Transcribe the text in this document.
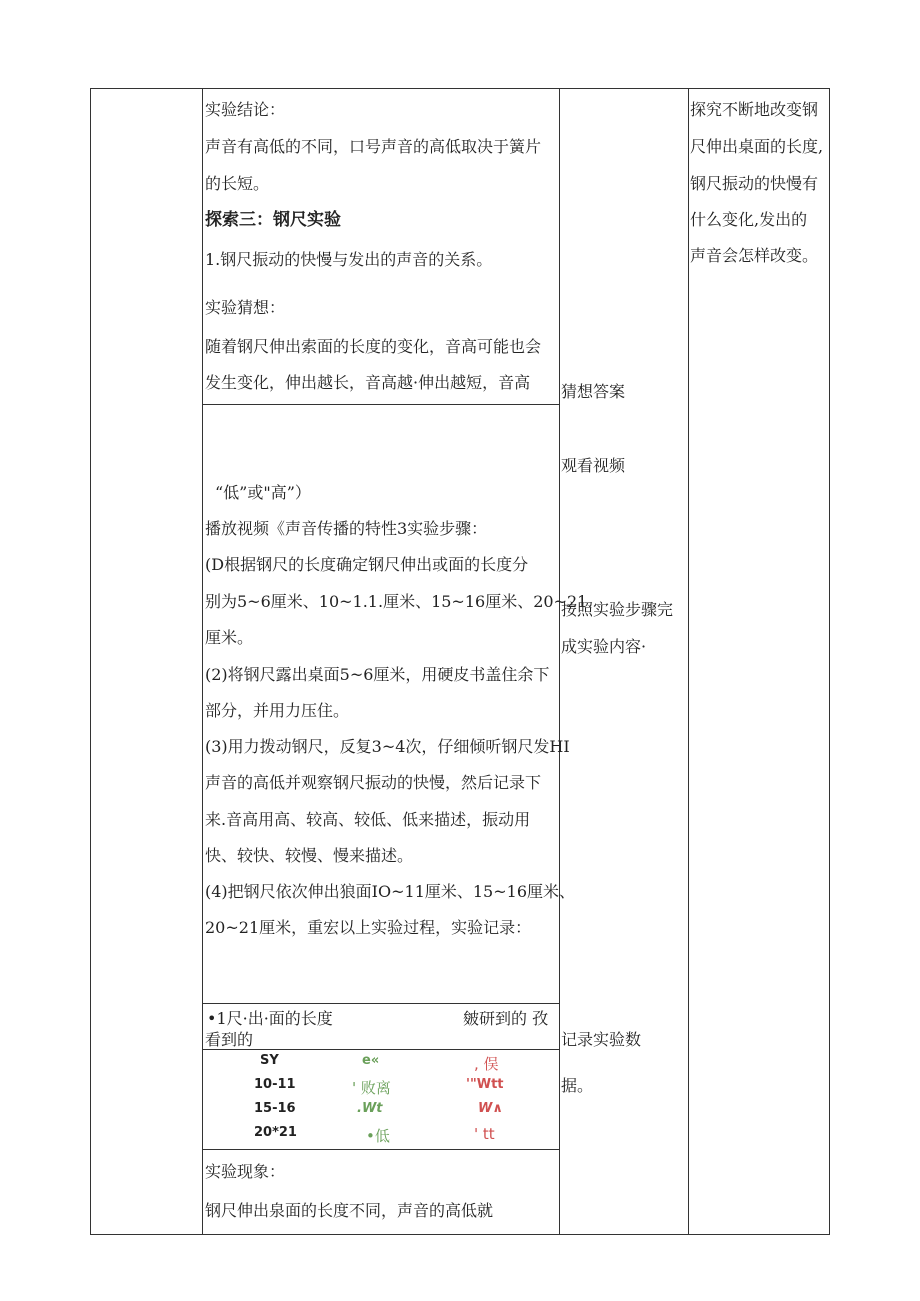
实验结论：
声音有高低的不同，口号声音的高低取决于簧片
的长短。
探索三：钢尺实验
1.钢尺振动的快慢与发出的声音的关系。
实验猜想：
随着钢尺伸出索面的长度的变化，音高可能也会
发生变化，伸出越长，音高越·伸出越短，音高
“低”或"高”）
播放视频《声音传播的特性3实验步骤：
(D根据钢尺的长度确定钢尺伸出或面的长度分
别为5~6厘米、10~1.1.厘米、15~16厘米、20~21
厘米。
(2)将钢尺露出桌面5~6厘米，用硬皮书盖住余下
部分，并用力压住。
(3)用力拨动钢尺，反复3~4次，仔细倾听钢尺发HI
声音的高低并观察钢尺振动的快慢，然后记录下
来.音高用高、较高、较低、低来描述，振动用
快、较快、较慢、慢来描述。
(4)把钢尺依次伸出狼面IO~11厘米、15~16厘米、
20~21厘米，重宏以上实验过程，实验记录：
•1尺·出·面的长度	皴研到的 孜
看到的
SY	e«	, 俣
10-11	' 败离	'"Wtt
15-16	.Wt	W∧
20*21	•低	' tt
实验现象：
钢尺伸出泉面的长度不同，声音的高低就
猜想答案
观看视频
按照实验步骤完
成实验内容·
记录实验数
据。
探究不断地改变钢
尺伸出桌面的长度,
钢尺振动的快慢有
什么变化,发出的
声音会怎样改变。
